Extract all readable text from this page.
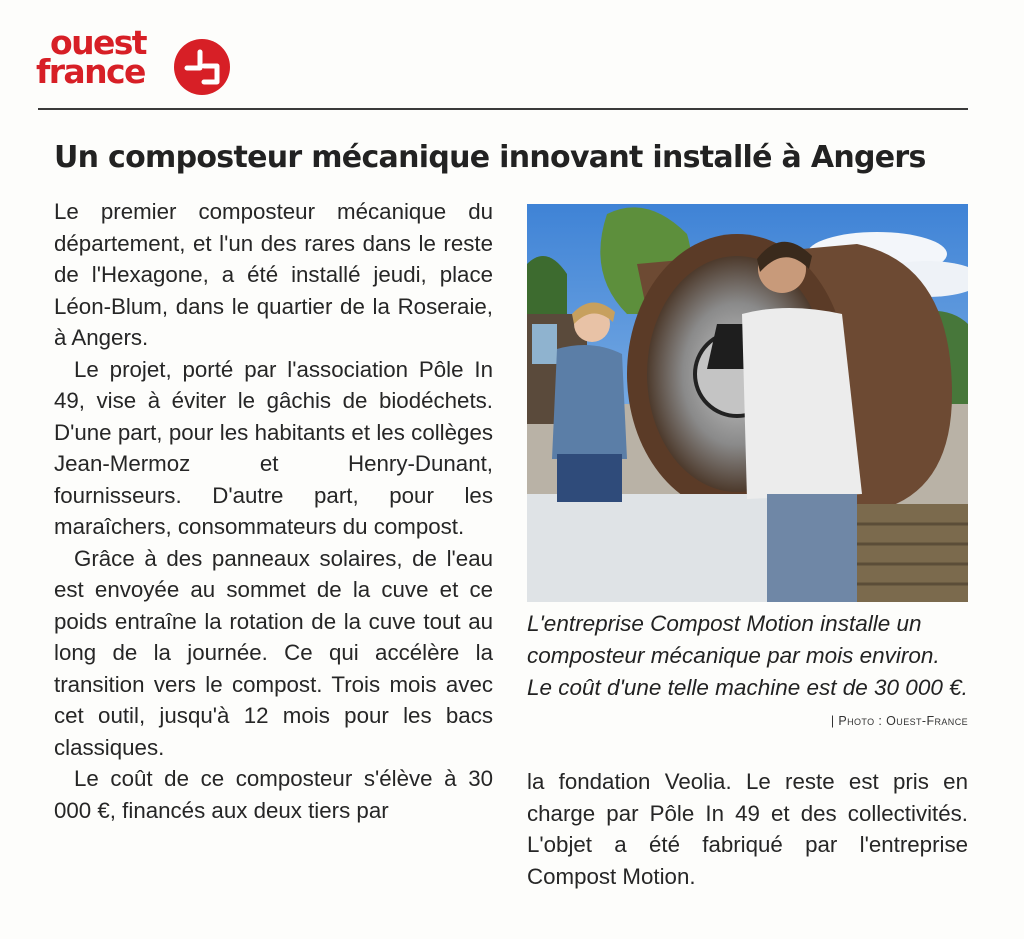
ouest
france
Un composteur mécanique innovant installé à Angers

Le premier composteur mécanique du département, et l'un des rares dans le reste de l'Hexagone, a été installé jeudi, place Léon-Blum, dans le quartier de la Roseraie, à Angers.

Le projet, porté par l'association Pôle In 49, vise à éviter le gâchis de biodéchets. D'une part, pour les habitants et les collèges Jean-Mermoz et Henry-Dunant, fournisseurs. D'autre part, pour les maraîchers, consommateurs du compost.

Grâce à des panneaux solaires, de l'eau est envoyée au sommet de la cuve et ce poids entraîne la rotation de la cuve tout au long de la journée. Ce qui accélère la transition vers le compost. Trois mois avec cet outil, jusqu'à 12 mois pour les bacs classiques.

Le coût de ce composteur s'élève à 30 000 €, financés aux deux tiers par

L'entreprise Compost Motion installe un composteur mécanique par mois environ. Le coût d'une telle machine est de 30 000 €.
| Photo : Ouest-France

la fondation Veolia. Le reste est pris en charge par Pôle In 49 et des collectivités. L'objet a été fabriqué par l'entreprise Compost Motion.
